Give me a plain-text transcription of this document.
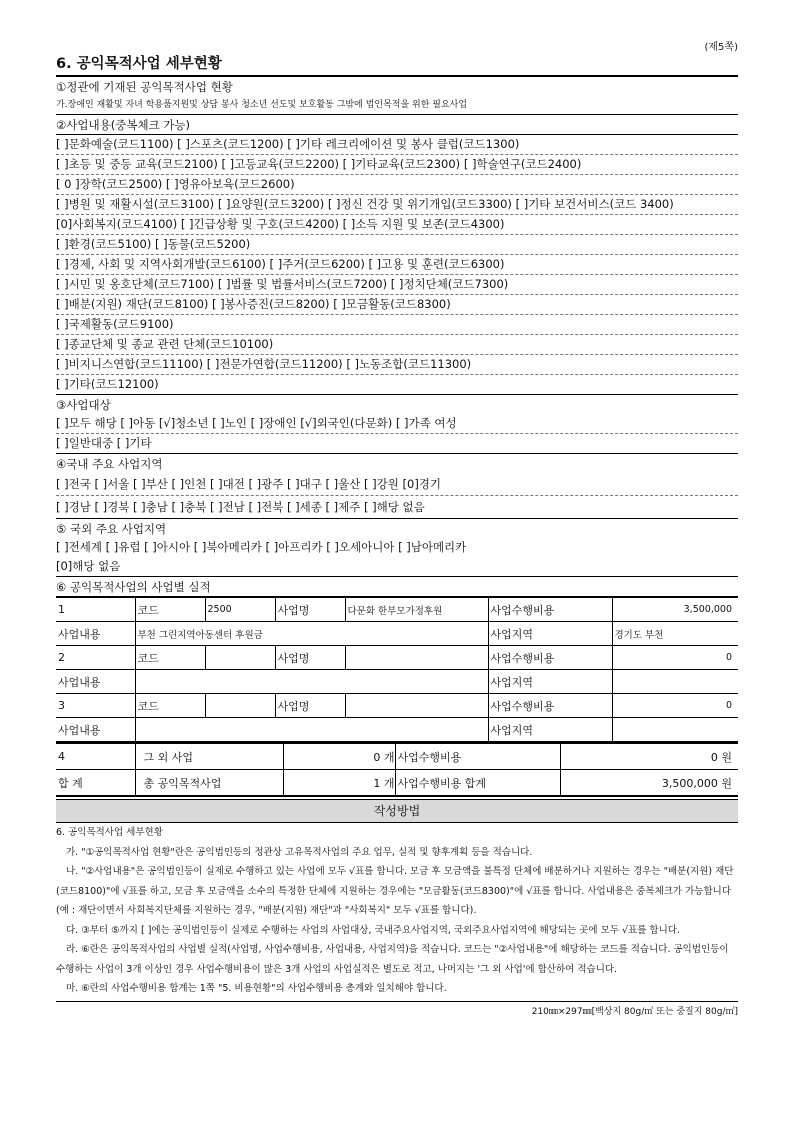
(제5쪽)
6. 공익목적사업 세부현황
①정관에 기재된 공익목적사업 현황
가.장애인 재활및 자녀 학용품지원및 상담 봉사 청소년 선도및 보호활동 그밖에 법인목적을 위한 필요사업
②사업내용(중복체크 가능)
[ ]문화예술(코드1100) [ ]스포츠(코드1200) [ ]기타 레크리에이션 및 봉사 클럽(코드1300)
[ ]초등 및 중등 교육(코드2100) [ ]고등교육(코드2200) [ ]기타교육(코드2300) [ ]학술연구(코드2400)
[ 0 ]장학(코드2500) [ ]영유아보육(코드2600)
[ ]병원 및 재활시설(코드3100) [ ]요양원(코드3200) [ ]정신 건강 및 위기개입(코드3300) [ ]기타 보건서비스(코드 3400)
[0]사회복지(코드4100) [ ]긴급상황 및 구호(코드4200) [ ]소득 지원 및 보존(코드4300)
[ ]환경(코드5100) [ ]동물(코드5200)
[ ]경제, 사회 및 지역사회개발(코드6100) [ ]주거(코드6200) [ ]고용 및 훈련(코드6300)
[ ]시민 및 옹호단체(코드7100) [ ]법률 및 법률서비스(코드7200) [ ]정치단체(코드7300)
[ ]배분(지원) 재단(코드8100) [ ]봉사증진(코드8200) [ ]모금활동(코드8300)
[ ]국제활동(코드9100)
[ ]종교단체 및 종교 관련 단체(코드10100)
[ ]비지니스연합(코드11100) [ ]전문가연합(코드11200) [ ]노동조합(코드11300)
[ ]기타(코드12100)
③사업대상
[ ]모두 해당 [ ]아동 [√]청소년 [ ]노인 [ ]장애인 [√]외국인(다문화) [ ]가족 여성
[ ]일반대중 [ ]기타
④국내 주요 사업지역
[ ]전국 [ ]서울 [ ]부산 [ ]인천 [ ]대전 [ ]광주 [ ]대구 [ ]울산 [ ]강원 [0]경기
[ ]경남 [ ]경북 [ ]충남 [ ]충북 [ ]전남 [ ]전북 [ ]세종 [ ]제주 [ ]해당 없음
⑤ 국외 주요 사업지역
[ ]전세계 [ ]유럽 [ ]아시아 [ ]북아메리카 [ ]아프리카 [ ]오세아니아 [ ]남아메리카
[0]해당 없음
⑥ 공익목적사업의 사업별 실적
1	코드	2500	사업명	다문화 한부모가정후원	사업수행비용	3,500,000
사업내용	부천 그린지역아동센터 후원금				사업지역	경기도 부천
2	코드		사업명		사업수행비용	0
사업내용					사업지역	
3	코드		사업명		사업수행비용	0
사업내용					사업지역	
4	그 외 사업	0 개	사업수행비용	0 원
합 계	총 공익목적사업	1 개	사업수행비용 합계	3,500,000 원
작성방법
6. 공익목적사업 세부현황
가. "①공익목적사업 현황"란은 공익법인등의 정관상 고유목적사업의 주요 업무, 실적 및 향후계획 등을 적습니다.
나. "②사업내용"은 공익법인등이 실제로 수행하고 있는 사업에 모두 √표를 합니다. 모금 후 모금액을 불특정 단체에 배분하거나 지원하는 경우는 "배분(지원) 재단(코드8100)"에 √표를 하고, 모금 후 모금액을 소수의 특정한 단체에 지원하는 경우에는 "모금활동(코드8300)"에 √표를 합니다. 사업내용은 중복체크가 가능합니다(예 : 재단이면서 사회복지단체를 지원하는 경우, "배분(지원) 재단"과 "사회복지" 모두 √표를 합니다).
다. ③부터 ⑤까지 [ ]에는 공익법인등이 실제로 수행하는 사업의 사업대상, 국내주요사업지역, 국외주요사업지역에 해당되는 곳에 모두 √표를 합니다.
라. ⑥란은 공익목적사업의 사업별 실적(사업명, 사업수행비용, 사업내용, 사업지역)을 적습니다. 코드는 "②사업내용"에 해당하는 코드를 적습니다. 공익법인등이 수행하는 사업이 3개 이상인 경우 사업수행비용이 많은 3개 사업의 사업실적은 별도로 적고, 나머지는 '그 외 사업'에 합산하여 적습니다.
마. ⑥란의 사업수행비용 합계는 1쪽 "5. 비용현황"의 사업수행비용 총계와 일치해야 합니다.
210㎜×297㎜[백상지 80g/㎡ 또는 중질지 80g/㎡]
